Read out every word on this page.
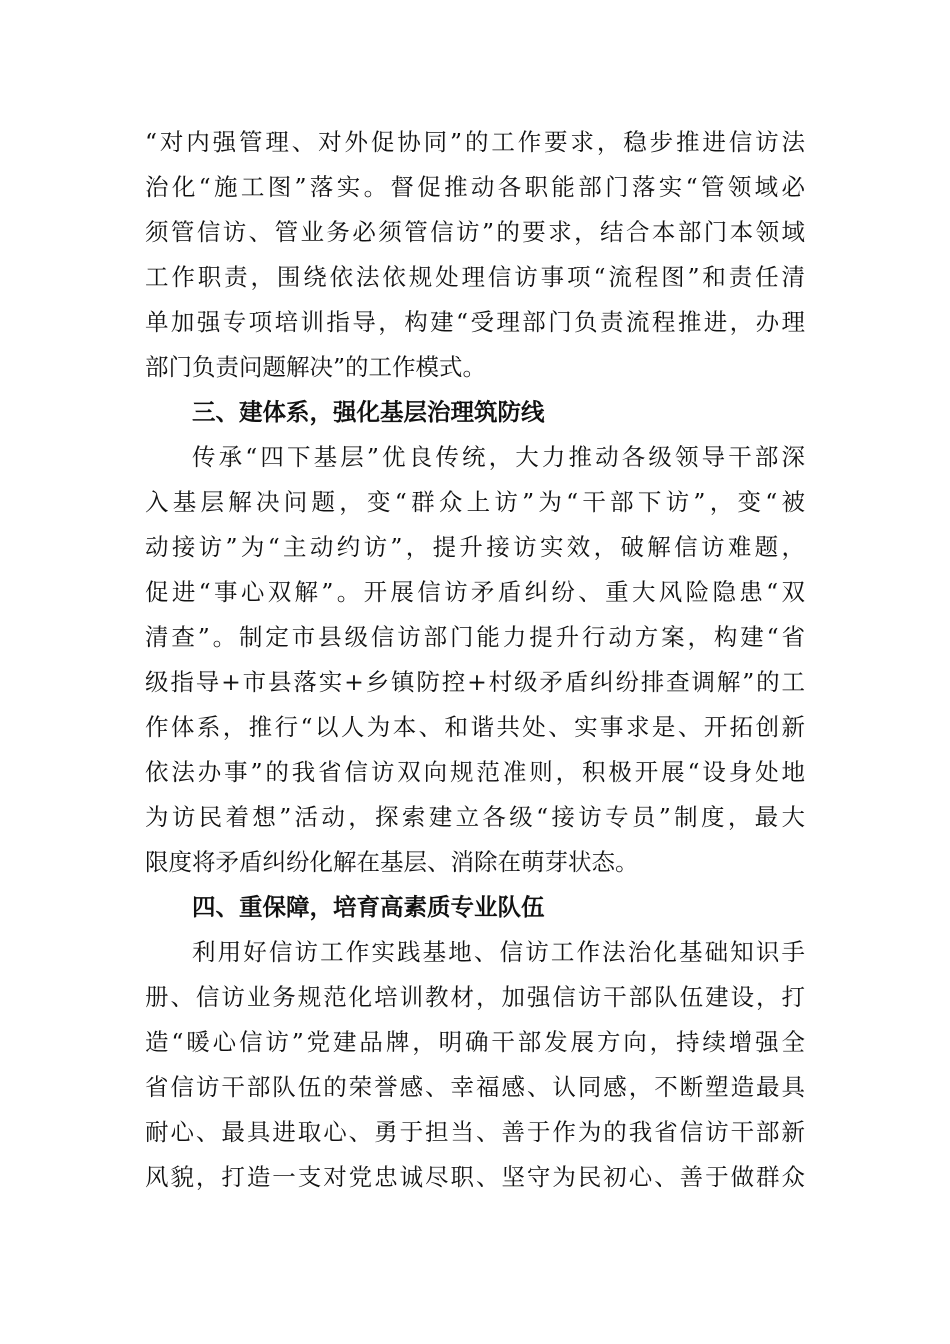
“对内强管理、对外促协同”的工作要求，稳步推进信访法
治化“施工图”落实。督促推动各职能部门落实“管领域必
须管信访、管业务必须管信访”的要求，结合本部门本领域
工作职责，围绕依法依规处理信访事项“流程图”和责任清
单加强专项培训指导，构建“受理部门负责流程推进，办理
部门负责问题解决”的工作模式。
三、建体系，强化基层治理筑防线
传承“四下基层”优良传统，大力推动各级领导干部深
入基层解决问题，变“群众上访”为“干部下访”，变“被
动接访”为“主动约访”，提升接访实效，破解信访难题，
促进“事心双解”。开展信访矛盾纠纷、重大风险隐患“双
清查”。制定市县级信访部门能力提升行动方案，构建“省
级指导+市县落实+乡镇防控+村级矛盾纠纷排查调解”的工
作体系，推行“以人为本、和谐共处、实事求是、开拓创新
依法办事”的我省信访双向规范准则，积极开展“设身处地
为访民着想”活动，探索建立各级“接访专员”制度，最大
限度将矛盾纠纷化解在基层、消除在萌芽状态。
四、重保障，培育高素质专业队伍
利用好信访工作实践基地、信访工作法治化基础知识手
册、信访业务规范化培训教材，加强信访干部队伍建设，打
造“暖心信访”党建品牌，明确干部发展方向，持续增强全
省信访干部队伍的荣誉感、幸福感、认同感，不断塑造最具
耐心、最具进取心、勇于担当、善于作为的我省信访干部新
风貌，打造一支对党忠诚尽职、坚守为民初心、善于做群众
